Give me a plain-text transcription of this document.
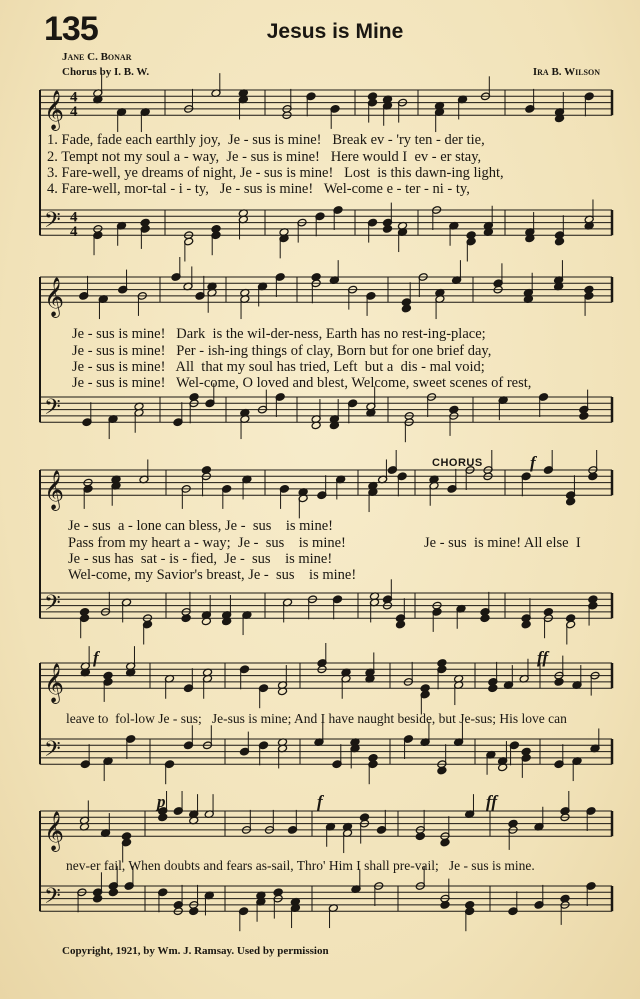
135	Jesus is Mine
Jane C. Bonar
Chorus by I. B. W.	Ira B. Wilson
𝄞
𝄢
4
4
4
4
𝄞
𝄢
𝄞
𝄢
𝄞
𝄢
𝄞
𝄢
1. Fade, fade each earthly joy,  Je - sus is mine!   Break ev - 'ry ten - der tie,
2. Tempt not my soul a - way,  Je - sus is mine!   Here would I  ev - er stay,
3. Fare-well, ye dreams of night, Je - sus is mine!   Lost  is this dawn-ing light,
4. Fare-well, mor-tal - i - ty,   Je - sus is mine!   Wel-come e - ter - ni - ty,
Je - sus is mine!   Dark  is the wil-der-ness, Earth has no rest-ing-place;
Je - sus is mine!   Per - ish-ing things of clay, Born but for one brief day,
Je - sus is mine!   All  that my soul has tried, Left  but a  dis - mal void;
Je - sus is mine!   Wel-come, O loved and blest, Welcome, sweet scenes of rest,
Je - sus  a - lone can bless, Je -  sus    is mine!
Pass from my heart a - way;  Je -  sus    is mine!
Je - sus has  sat - is - fied,  Je -  sus    is mine!
Wel-come, my Savior's breast, Je -  sus    is mine!
Je - sus  is mine! All else  I
CHORUS
leave to  fol-low Je - sus;   Je-sus is mine; And I have naught beside, but Je-sus; His love can
nev-er fail, When doubts and fears as-sail, Thro' Him I shall pre-vail;   Je - sus is mine.
f
f	ff
p	f	ff
Copyright, 1921, by Wm. J. Ramsay. Used by permission
